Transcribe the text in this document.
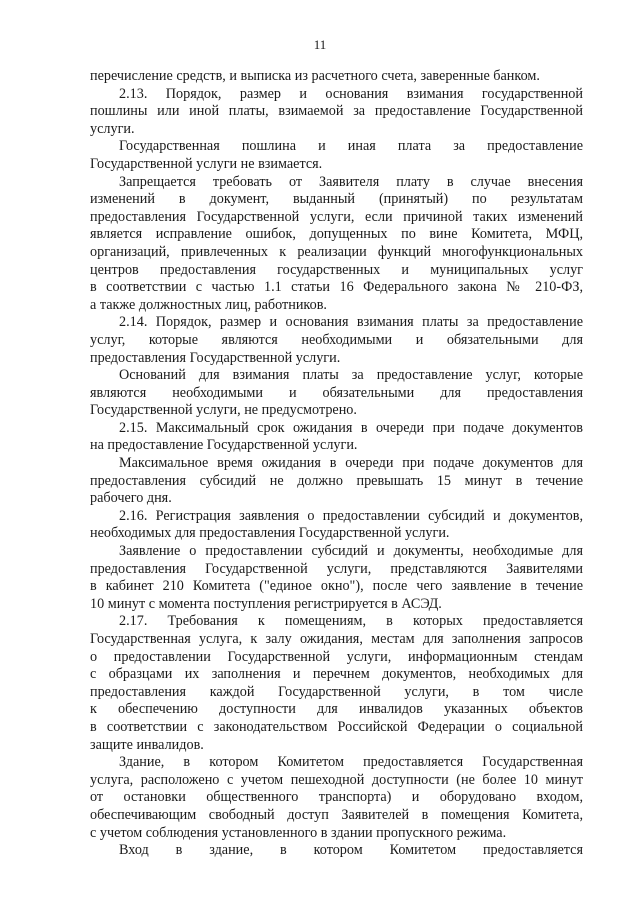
11
перечисление средств, и выписка из расчетного счета, заверенные банком.
2.13. Порядок, размер и основания взимания государственной
пошлины или иной платы, взимаемой за предоставление Государственной
услуги.
Государственная пошлина и иная плата за предоставление
Государственной услуги не взимается.
Запрещается требовать от Заявителя плату в случае внесения
изменений в документ, выданный (принятый) по результатам
предоставления Государственной услуги, если причиной таких изменений
является исправление ошибок, допущенных по вине Комитета, МФЦ,
организаций, привлеченных к реализации функций многофункциональных
центров предоставления государственных и муниципальных услуг
в соответствии с частью 1.1 статьи 16 Федерального закона № 210-ФЗ,
а также должностных лиц, работников.
2.14. Порядок, размер и основания взимания платы за предоставление
услуг, которые являются необходимыми и обязательными для
предоставления Государственной услуги.
Оснований для взимания платы за предоставление услуг, которые
являются необходимыми и обязательными для предоставления
Государственной услуги, не предусмотрено.
2.15. Максимальный срок ожидания в очереди при подаче документов
на предоставление Государственной услуги.
Максимальное время ожидания в очереди при подаче документов для
предоставления субсидий не должно превышать 15 минут в течение
рабочего дня.
2.16. Регистрация заявления о предоставлении субсидий и документов,
необходимых для предоставления Государственной услуги.
Заявление о предоставлении субсидий и документы, необходимые для
предоставления Государственной услуги, представляются Заявителями
в кабинет 210 Комитета ("единое окно"), после чего заявление в течение
10 минут с момента поступления регистрируется в АСЭД.
2.17. Требования к помещениям, в которых предоставляется
Государственная услуга, к залу ожидания, местам для заполнения запросов
о предоставлении Государственной услуги, информационным стендам
с образцами их заполнения и перечнем документов, необходимых для
предоставления каждой Государственной услуги, в том числе
к обеспечению доступности для инвалидов указанных объектов
в соответствии с законодательством Российской Федерации о социальной
защите инвалидов.
Здание, в котором Комитетом предоставляется Государственная
услуга, расположено с учетом пешеходной доступности (не более 10 минут
от остановки общественного транспорта) и оборудовано входом,
обеспечивающим свободный доступ Заявителей в помещения Комитета,
с учетом соблюдения установленного в здании пропускного режима.
Вход в здание, в котором Комитетом предоставляется
